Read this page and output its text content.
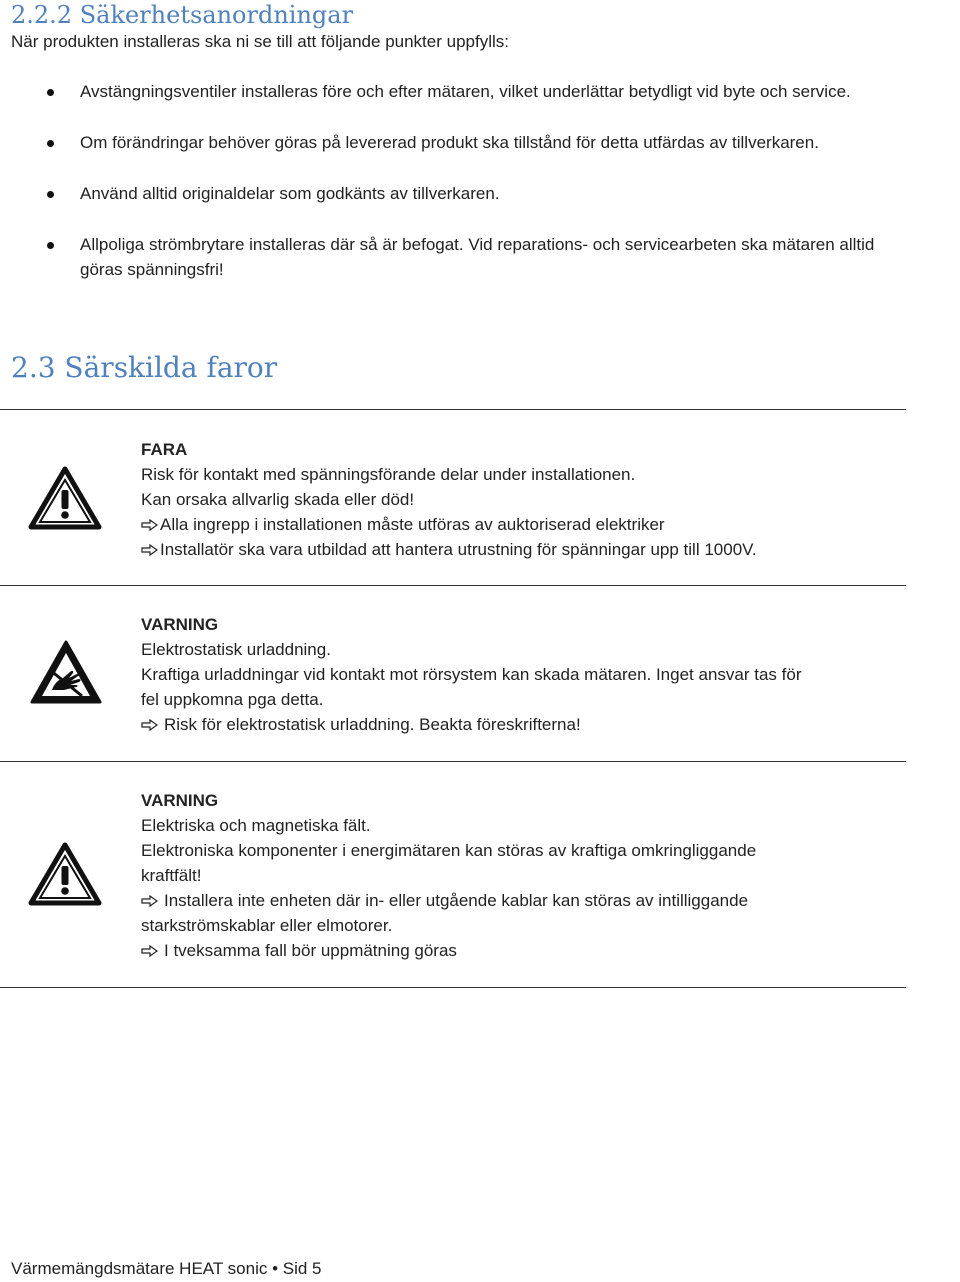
2.2.2 Säkerhetsanordningar
När produkten installeras ska ni se till att följande punkter uppfylls:
Avstängningsventiler installeras före och efter mätaren, vilket underlättar betydligt vid byte och service.
Om förändringar behöver göras på levererad produkt ska tillstånd för detta utfärdas av tillverkaren.
Använd alltid originaldelar som godkänts av tillverkaren.
Allpoliga strömbrytare installeras där så är befogat. Vid reparations- och servicearbeten ska mätaren alltid
göras spänningsfri!
2.3 Särskilda faror
FARA
Risk för kontakt med spänningsförande delar under installationen.
Kan orsaka allvarlig skada eller död!
Alla ingrepp i installationen måste utföras av auktoriserad elektriker
Installatör ska vara utbildad att hantera utrustning för spänningar upp till 1000V.
VARNING
Elektrostatisk urladdning.
Kraftiga urladdningar vid kontakt mot rörsystem kan skada mätaren. Inget ansvar tas för
fel uppkomna pga detta.
Risk för elektrostatisk urladdning. Beakta föreskrifterna!
VARNING
Elektriska och magnetiska fält.
Elektroniska komponenter i energimätaren kan störas av kraftiga omkringliggande
kraftfält!
Installera inte enheten där in- eller utgående kablar kan störas av intilliggande
starkströmskablar eller elmotorer.
I tveksamma fall bör uppmätning göras
Värmemängdsmätare HEAT sonic • Sid 5
